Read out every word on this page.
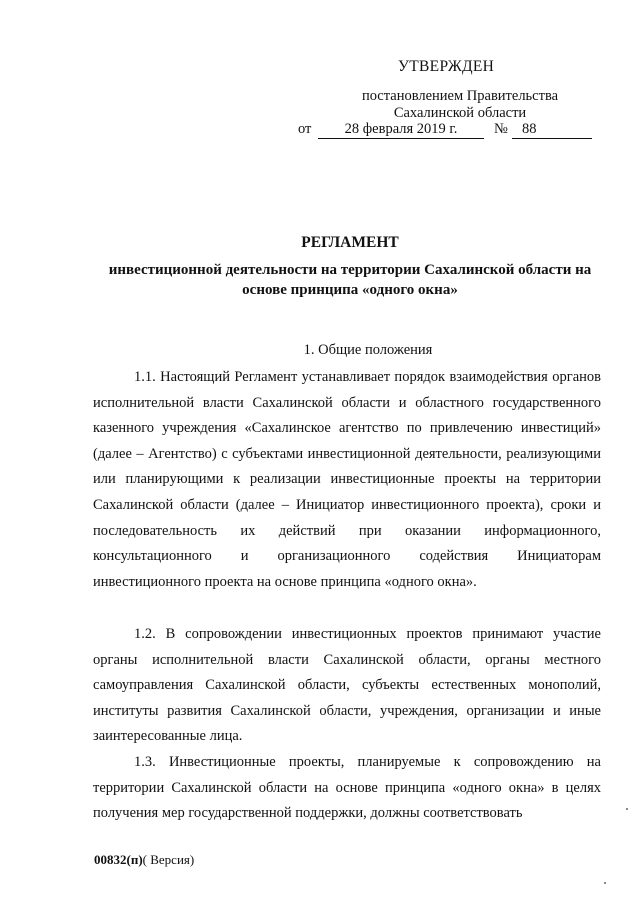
УТВЕРЖДЕН
постановлением Правительства
Сахалинской области
от	28 февраля 2019 г.	№ 88
РЕГЛАМЕНТ
инвестиционной деятельности на территории Сахалинской области на основе принципа «одного окна»
1. Общие положения
1.1. Настоящий Регламент устанавливает порядок взаимодействия органов исполнительной власти Сахалинской области и областного государственного казенного учреждения «Сахалинское агентство по привлечению инвестиций» (далее – Агентство) с субъектами инвестиционной деятельности, реализующими или планирующими к реализации инвестиционные проекты на территории Сахалинской области (далее – Инициатор инвестиционного проекта), сроки и последовательность их действий при оказании информационного, консультационного и организационного содействия Инициаторам инвестиционного проекта на основе принципа «одного окна».
1.2. В сопровождении инвестиционных проектов принимают участие органы исполнительной власти Сахалинской области, органы местного самоуправления Сахалинской области, субъекты естественных монополий, институты развития Сахалинской области, учреждения, организации и иные заинтересованные лица.
1.3. Инвестиционные проекты, планируемые к сопровождению на территории Сахалинской области на основе принципа «одного окна» в целях получения мер государственной поддержки, должны соответствовать
00832(п)( Версия)
